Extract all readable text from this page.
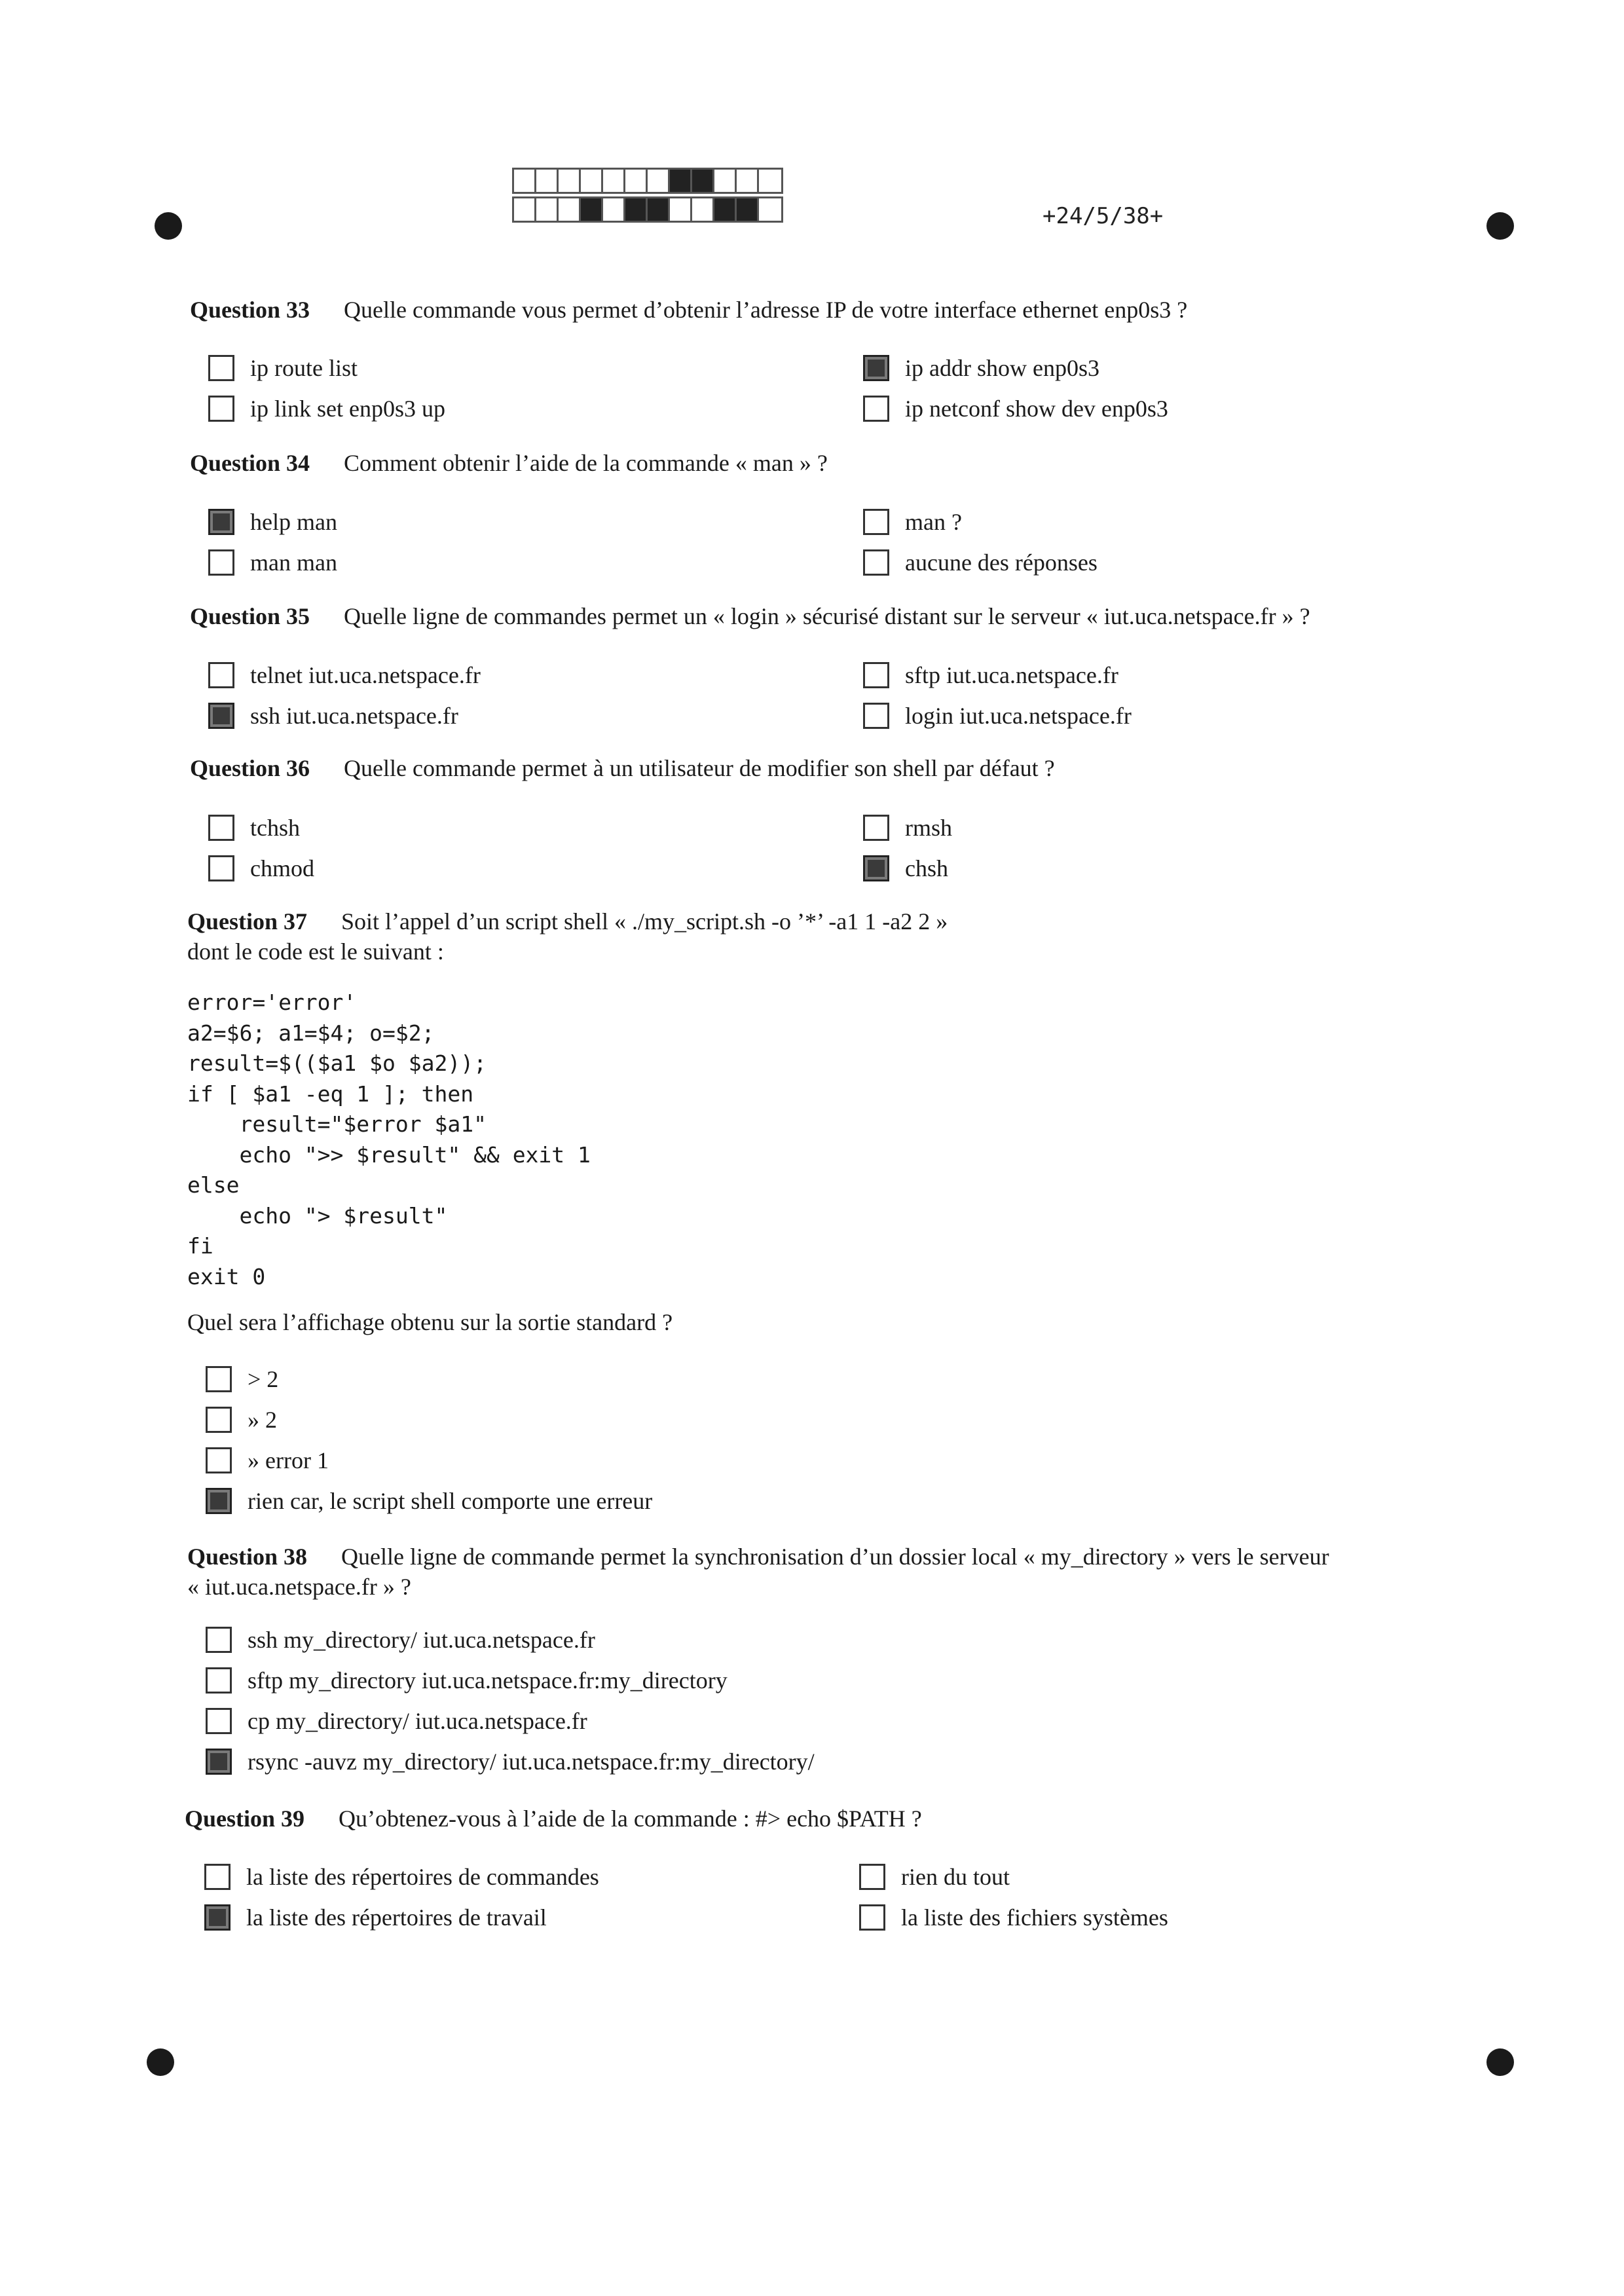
+24/5/38+
Question 33 Quelle commande vous permet d’obtenir l’adresse IP de votre interface ethernet enp0s3 ?
ip route list	ip addr show enp0s3
ip link set enp0s3 up	ip netconf show dev enp0s3
Question 34 Comment obtenir l’aide de la commande « man » ?
help man	man ?
man man	aucune des réponses
Question 35 Quelle ligne de commandes permet un « login » sécurisé distant sur le serveur « iut.uca.netspace.fr » ?
telnet iut.uca.netspace.fr	sftp iut.uca.netspace.fr
ssh iut.uca.netspace.fr	login iut.uca.netspace.fr
Question 36 Quelle commande permet à un utilisateur de modifier son shell par défaut ?
tchsh	rmsh
chmod	chsh
Question 37 Soit l’appel d’un script shell « ./my_script.sh -o ’*’ -a1 1 -a2 2 »
dont le code est le suivant :
error='error'
a2=$6; a1=$4; o=$2;
result=$(($a1 $o $a2));
if [ $a1 -eq 1 ]; then
result="$error $a1"
echo ">> $result" && exit 1
else
echo "> $result"
fi
exit 0
Quel sera l’affichage obtenu sur la sortie standard ?
> 2
» 2
» error 1
rien car, le script shell comporte une erreur
Question 38 Quelle ligne de commande permet la synchronisation d’un dossier local « my_directory » vers le serveur
« iut.uca.netspace.fr » ?
ssh my_directory/ iut.uca.netspace.fr
sftp my_directory iut.uca.netspace.fr:my_directory
cp my_directory/ iut.uca.netspace.fr
rsync -auvz my_directory/ iut.uca.netspace.fr:my_directory/
Question 39 Qu’obtenez-vous à l’aide de la commande : #> echo $PATH ?
la liste des répertoires de commandes	rien du tout
la liste des répertoires de travail	la liste des fichiers systèmes
